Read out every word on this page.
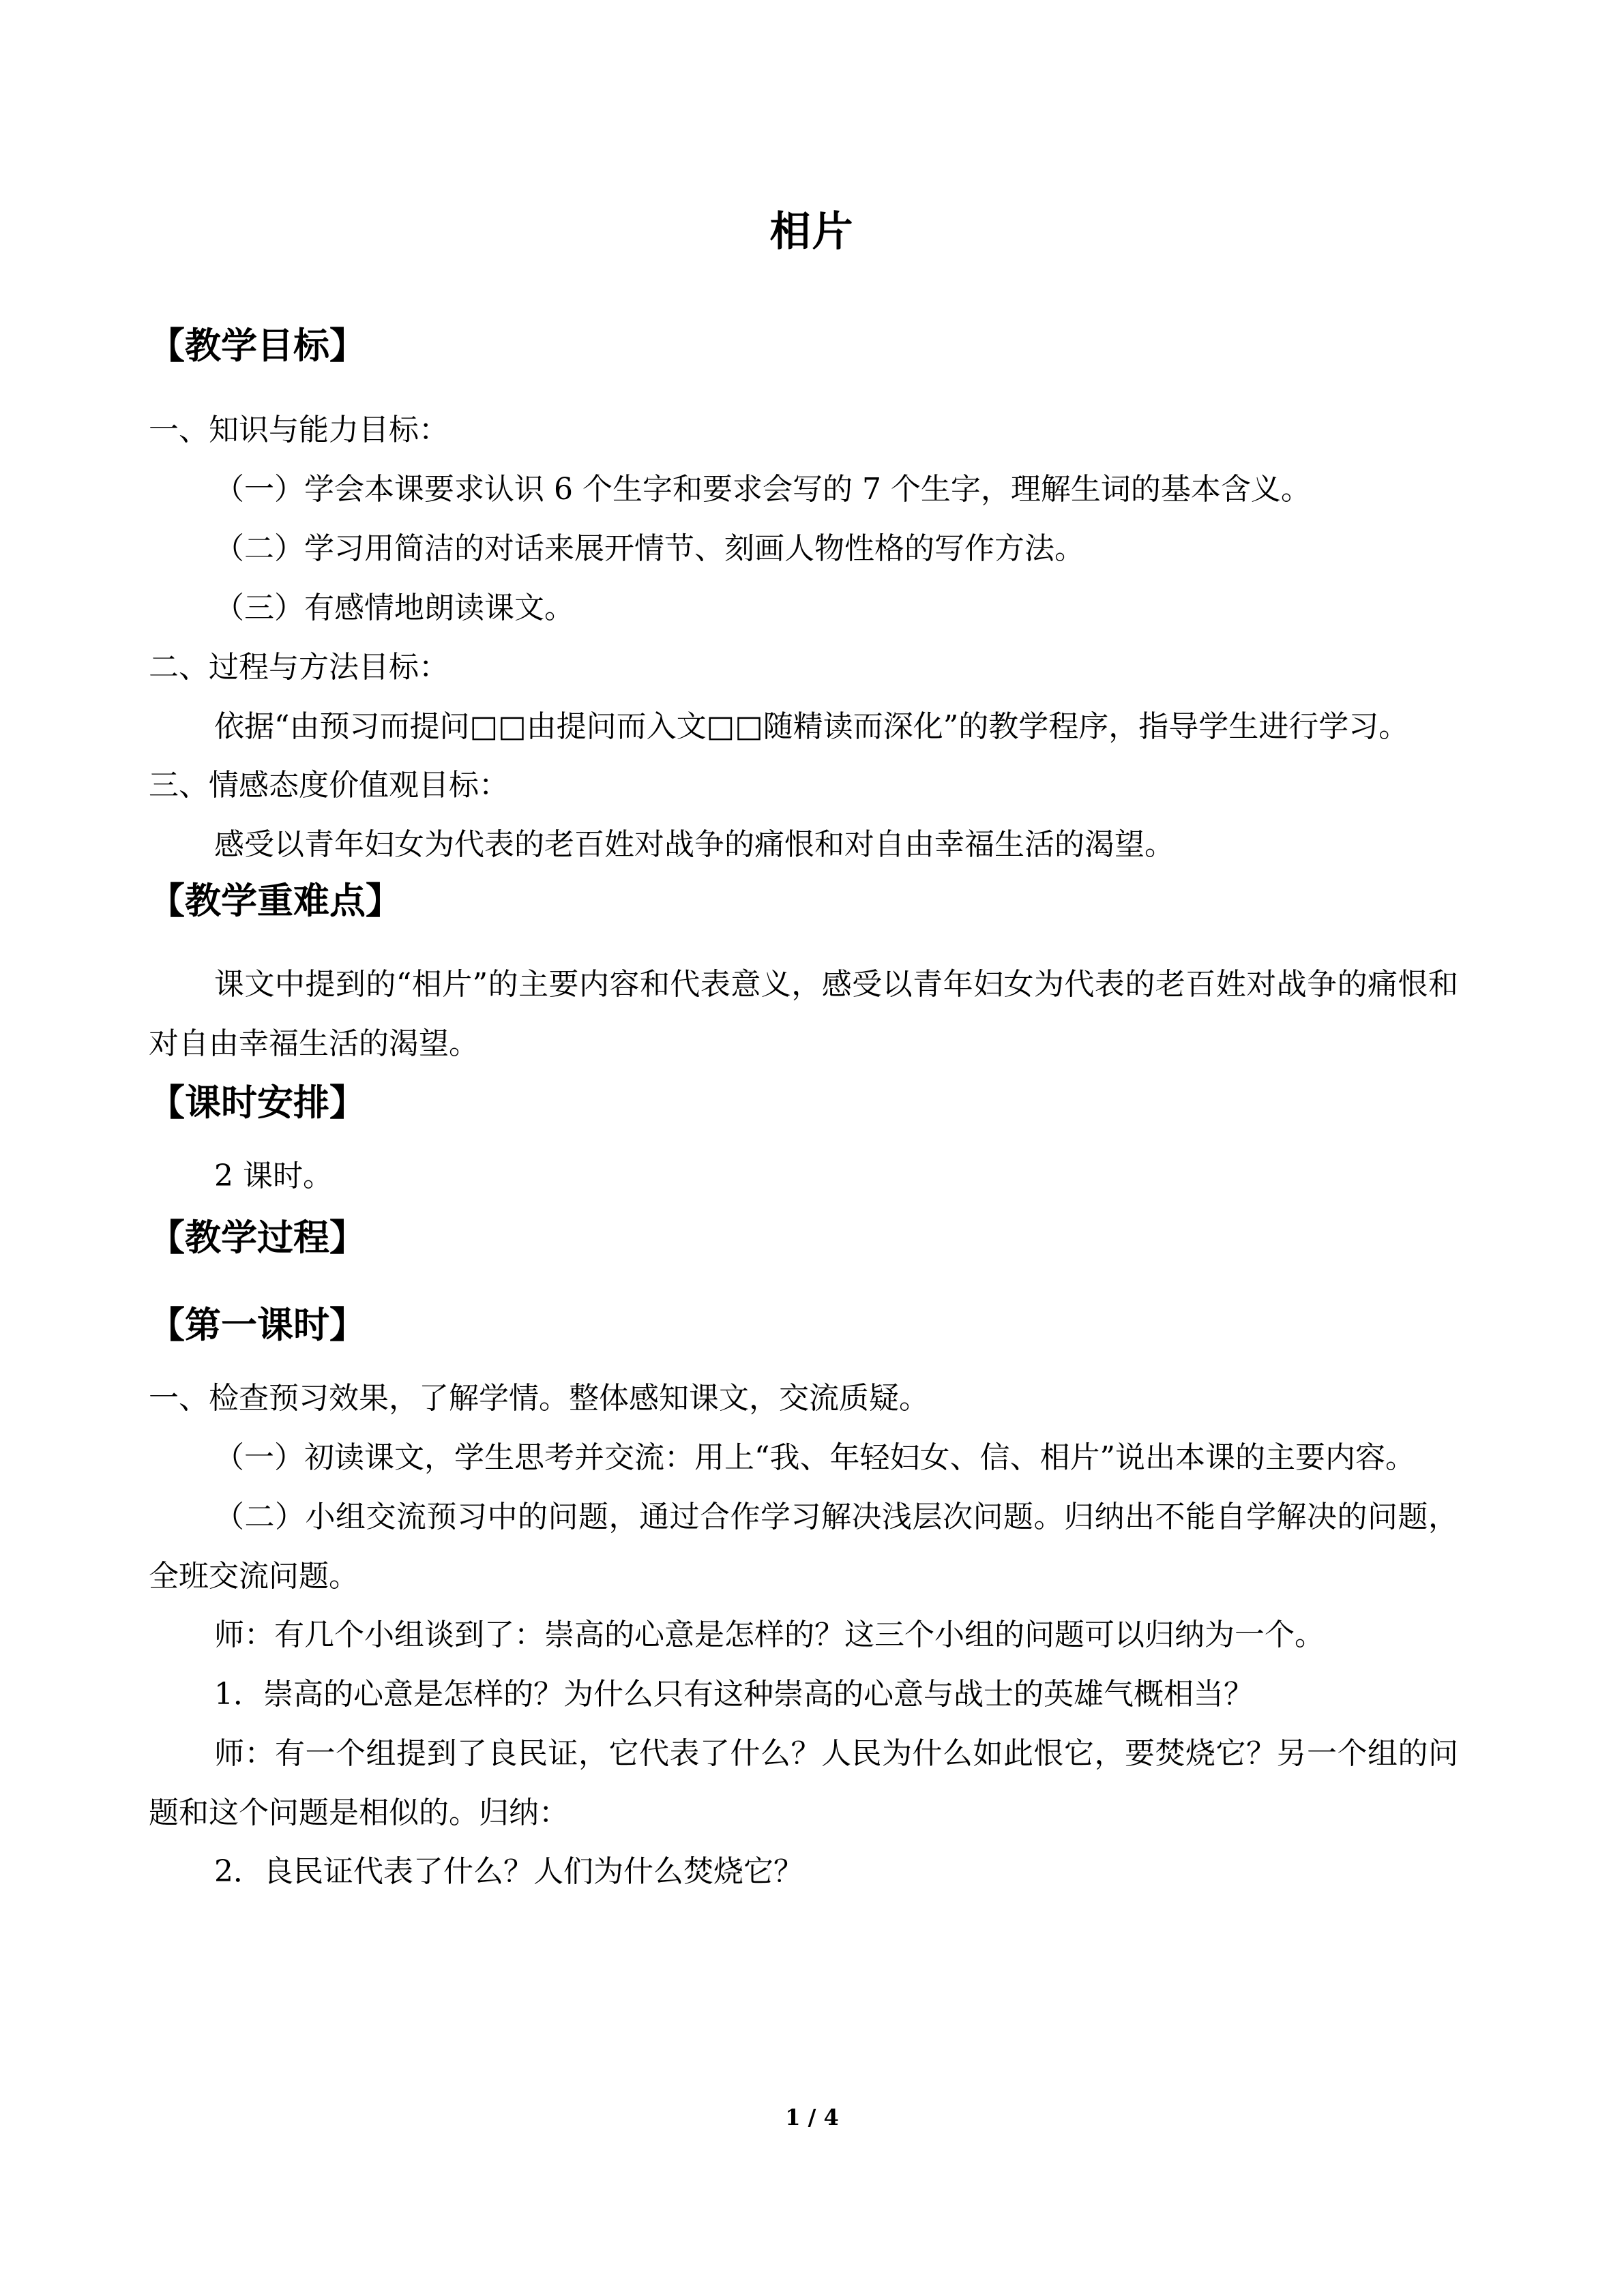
相片
【教学目标】

一、知识与能力目标：

（一）学会本课要求认识 6 个生字和要求会写的 7 个生字，理解生词的基本含义。

（二）学习用简洁的对话来展开情节、刻画人物性格的写作方法。

（三）有感情地朗读课文。

二、过程与方法目标：

依据“由预习而提问□□由提问而入文□□随精读而深化”的教学程序，指导学生进行学习。

三、情感态度价值观目标：

感受以青年妇女为代表的老百姓对战争的痛恨和对自由幸福生活的渴望。

【教学重难点】

课文中提到的“相片”的主要内容和代表意义，感受以青年妇女为代表的老百姓对战争的痛恨和对自由幸福生活的渴望。

【课时安排】

2 课时。

【教学过程】
【第一课时】

一、检查预习效果，了解学情。整体感知课文，交流质疑。

（一）初读课文，学生思考并交流：用上“我、年轻妇女、信、相片”说出本课的主要内容。

（二）小组交流预习中的问题，通过合作学习解决浅层次问题。归纳出不能自学解决的问题，全班交流问题。

师：有几个小组谈到了：崇高的心意是怎样的？这三个小组的问题可以归纳为一个。

1．崇高的心意是怎样的？为什么只有这种崇高的心意与战士的英雄气概相当？

师：有一个组提到了良民证，它代表了什么？人民为什么如此恨它，要焚烧它？另一个组的问题和这个问题是相似的。归纳：

2．良民证代表了什么？人们为什么焚烧它？

1 / 4
